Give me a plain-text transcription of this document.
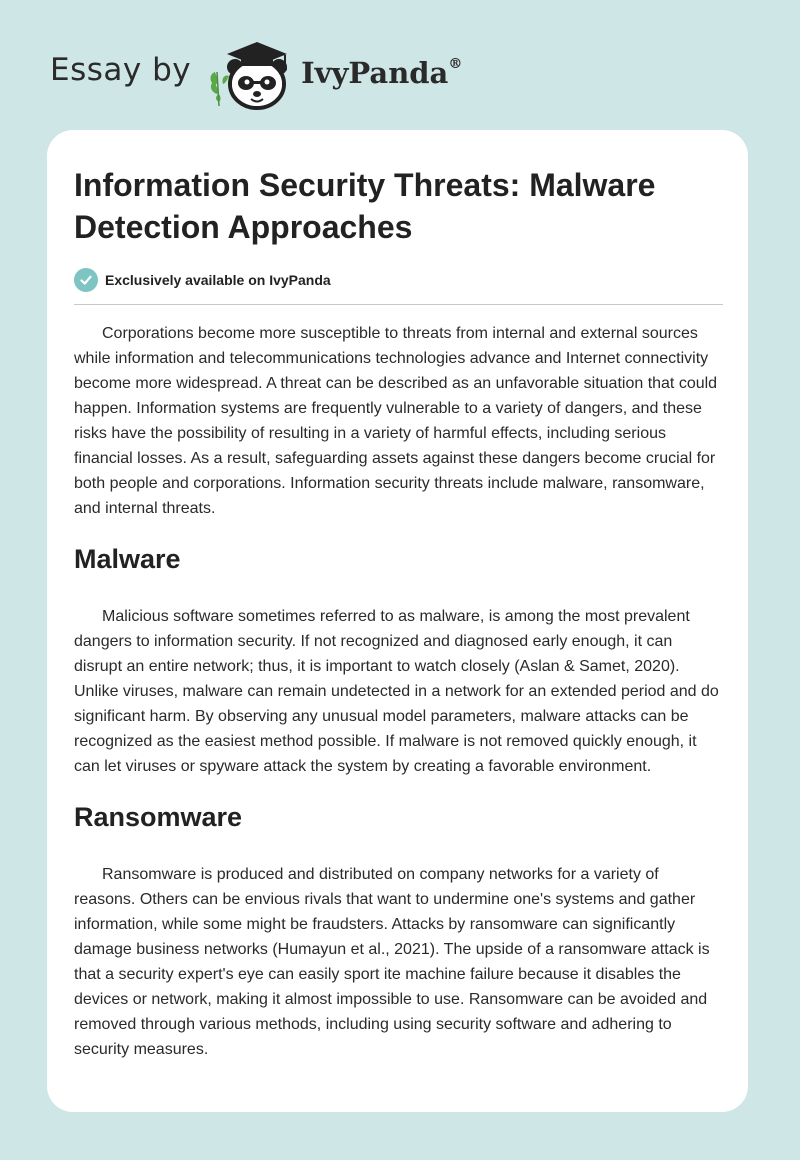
Essay by	IvyPanda®
Information Security Threats: Malware Detection Approaches
Exclusively available on IvyPanda

Corporations become more susceptible to threats from internal and external sources while information and telecommunications technologies advance and Internet connectivity become more widespread. A threat can be described as an unfavorable situation that could happen. Information systems are frequently vulnerable to a variety of dangers, and these risks have the possibility of resulting in a variety of harmful effects, including serious financial losses. As a result, safeguarding assets against these dangers become crucial for both people and corporations. Information security threats include malware, ransomware, and internal threats.

Malware

Malicious software sometimes referred to as malware, is among the most prevalent dangers to information security. If not recognized and diagnosed early enough, it can disrupt an entire network; thus, it is important to watch closely (Aslan & Samet, 2020). Unlike viruses, malware can remain undetected in a network for an extended period and do significant harm. By observing any unusual model parameters, malware attacks can be recognized as the easiest method possible. If malware is not removed quickly enough, it can let viruses or spyware attack the system by creating a favorable environment.

Ransomware

Ransomware is produced and distributed on company networks for a variety of reasons. Others can be envious rivals that want to undermine one's systems and gather information, while some might be fraudsters. Attacks by ransomware can significantly damage business networks (Humayun et al., 2021). The upside of a ransomware attack is that a security expert's eye can easily sport ite machine failure because it disables the devices or network, making it almost impossible to use. Ransomware can be avoided and removed through various methods, including using security software and adhering to security measures.
